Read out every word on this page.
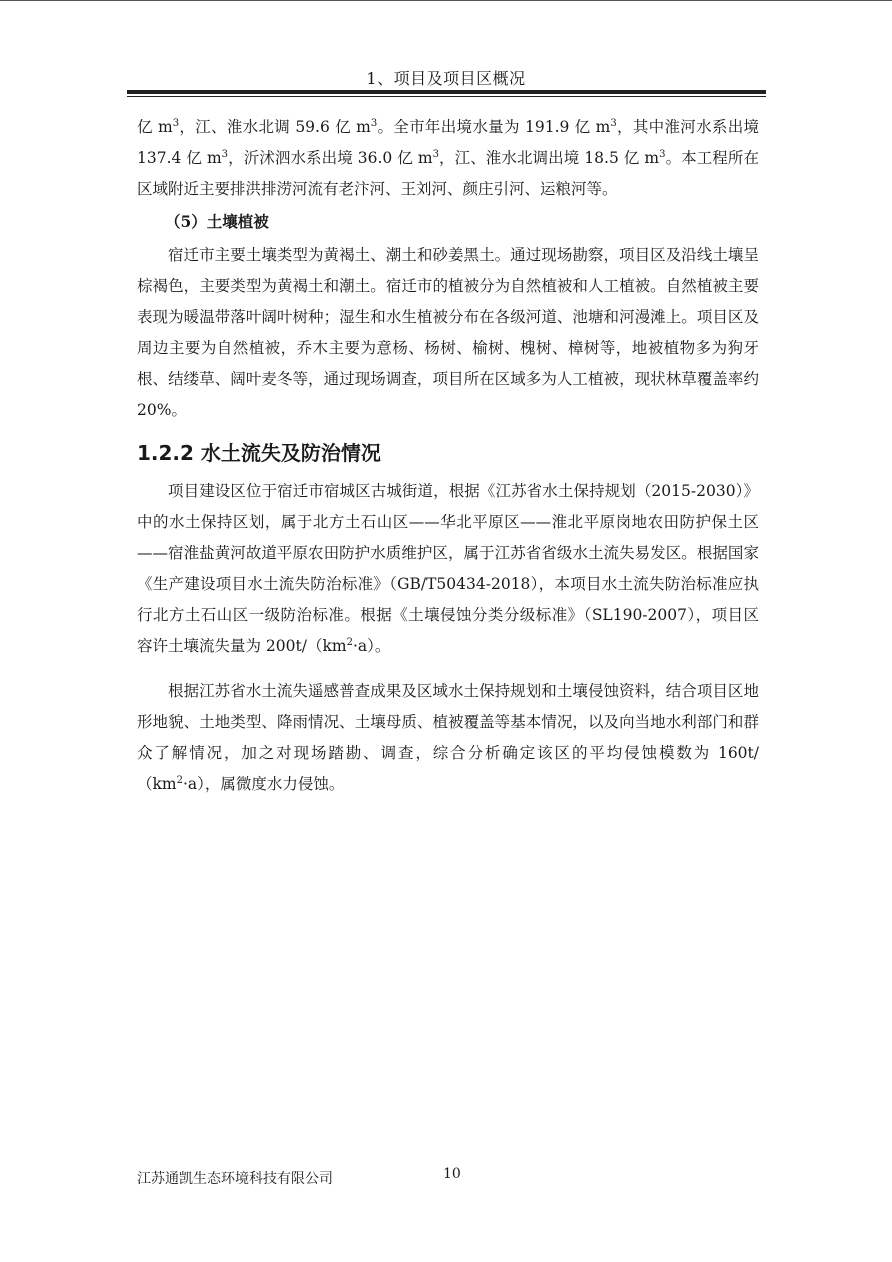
1、项目及项目区概况

亿 $m^3$，江、淮水北调 59.6 亿 $m^3$。全市年出境水量为 191.9 亿 $m^3$，其中淮河水系出境 137.4 亿 $m^3$，沂沭泗水系出境 36.0 亿 $m^3$，江、淮水北调出境 18.5 亿 $m^3$。本工程所在区域附近主要排洪排涝河流有老汴河、王刘河、颜庄引河、运粮河等。

（5）土壤植被

宿迁市主要土壤类型为黄褐土、潮土和砂姜黑土。通过现场勘察，项目区及沿线土壤呈棕褐色，主要类型为黄褐土和潮土。宿迁市的植被分为自然植被和人工植被。自然植被主要表现为暖温带落叶阔叶树种；湿生和水生植被分布在各级河道、池塘和河漫滩上。项目区及周边主要为自然植被，乔木主要为意杨、杨树、榆树、槐树、樟树等，地被植物多为狗牙根、结缕草、阔叶麦冬等，通过现场调查，项目所在区域多为人工植被，现状林草覆盖率约 20%。

1.2.2 水土流失及防治情况

项目建设区位于宿迁市宿城区古城街道，根据《江苏省水土保持规划（2015-2030）》中的水土保持区划，属于北方土石山区——华北平原区——淮北平原岗地农田防护保土区——宿淮盐黄河故道平原农田防护水质维护区，属于江苏省省级水土流失易发区。根据国家《生产建设项目水土流失防治标准》（GB/T50434-2018），本项目水土流失防治标准应执行北方土石山区一级防治标准。根据《土壤侵蚀分类分级标准》（SL190-2007），项目区容许土壤流失量为 $200t/(km^2\cdot a)$。

根据江苏省水土流失遥感普查成果及区域水土保持规划和土壤侵蚀资料，结合项目区地形地貌、土地类型、降雨情况、土壤母质、植被覆盖等基本情况，以及向当地水利部门和群众了解情况，加之对现场踏勘、调查，综合分析确定该区的平均侵蚀模数为 $160t/(km^2\cdot a)$，属微度水力侵蚀。

江苏通凯生态环境科技有限公司	10
